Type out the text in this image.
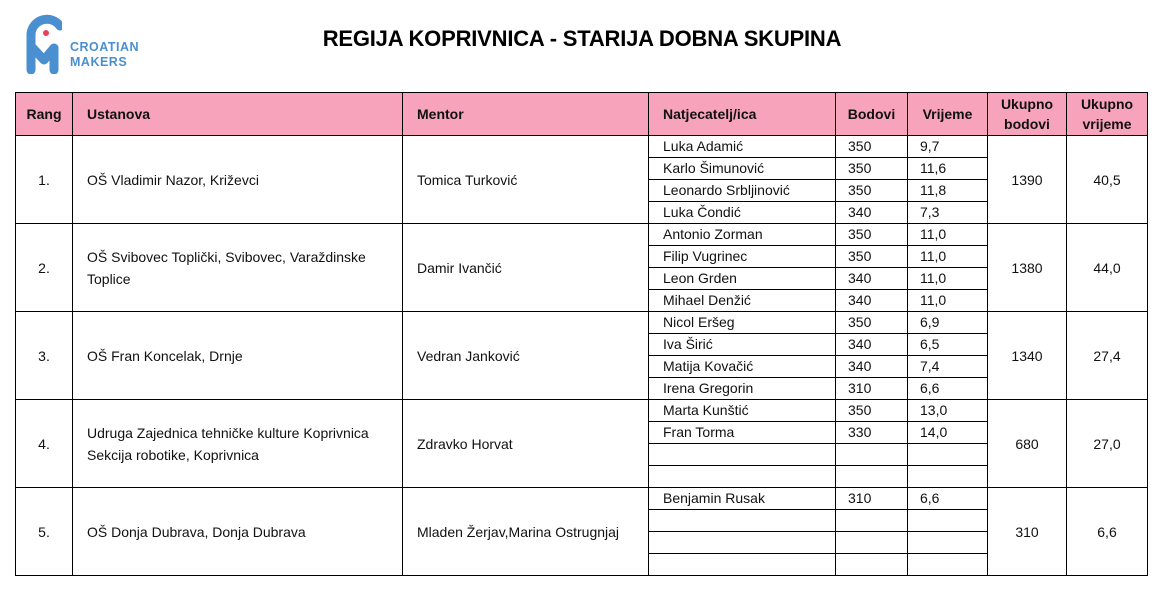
CROATIAN
MAKERS
REGIJA KOPRIVNICA - STARIJA DOBNA SKUPINA
Rang	Ustanova	Mentor	Natjecatelj/ica	Bodovi	Vrijeme	Ukupno bodovi	Ukupno vrijeme
1.	OŠ Vladimir Nazor, Križevci	Tomica Turković	Luka Adamić	350	9,7	1390	40,5
			Karlo Šimunović	350	11,6		
			Leonardo Srbljinović	350	11,8		
			Luka Čondić	340	7,3		
2.	OŠ Svibovec Toplički, Svibovec, Varaždinske Toplice	Damir Ivančić	Antonio Zorman	350	11,0	1380	44,0
			Filip Vugrinec	350	11,0		
			Leon Grden	340	11,0		
			Mihael Denžić	340	11,0		
3.	OŠ Fran Koncelak, Drnje	Vedran Janković	Nicol Eršeg	350	6,9	1340	27,4
			Iva Širić	340	6,5		
			Matija Kovačić	340	7,4		
			Irena Gregorin	310	6,6		
4.	Udruga Zajednica tehničke kulture Koprivnica Sekcija robotike, Koprivnica	Zdravko Horvat	Marta Kunštić	350	13,0	680	27,0
			Fran Torma	330	14,0		

5.	OŠ Donja Dubrava, Donja Dubrava	Mladen Žerjav,Marina Ostrugnjaj	Benjamin Rusak	310	6,6	310	6,6
